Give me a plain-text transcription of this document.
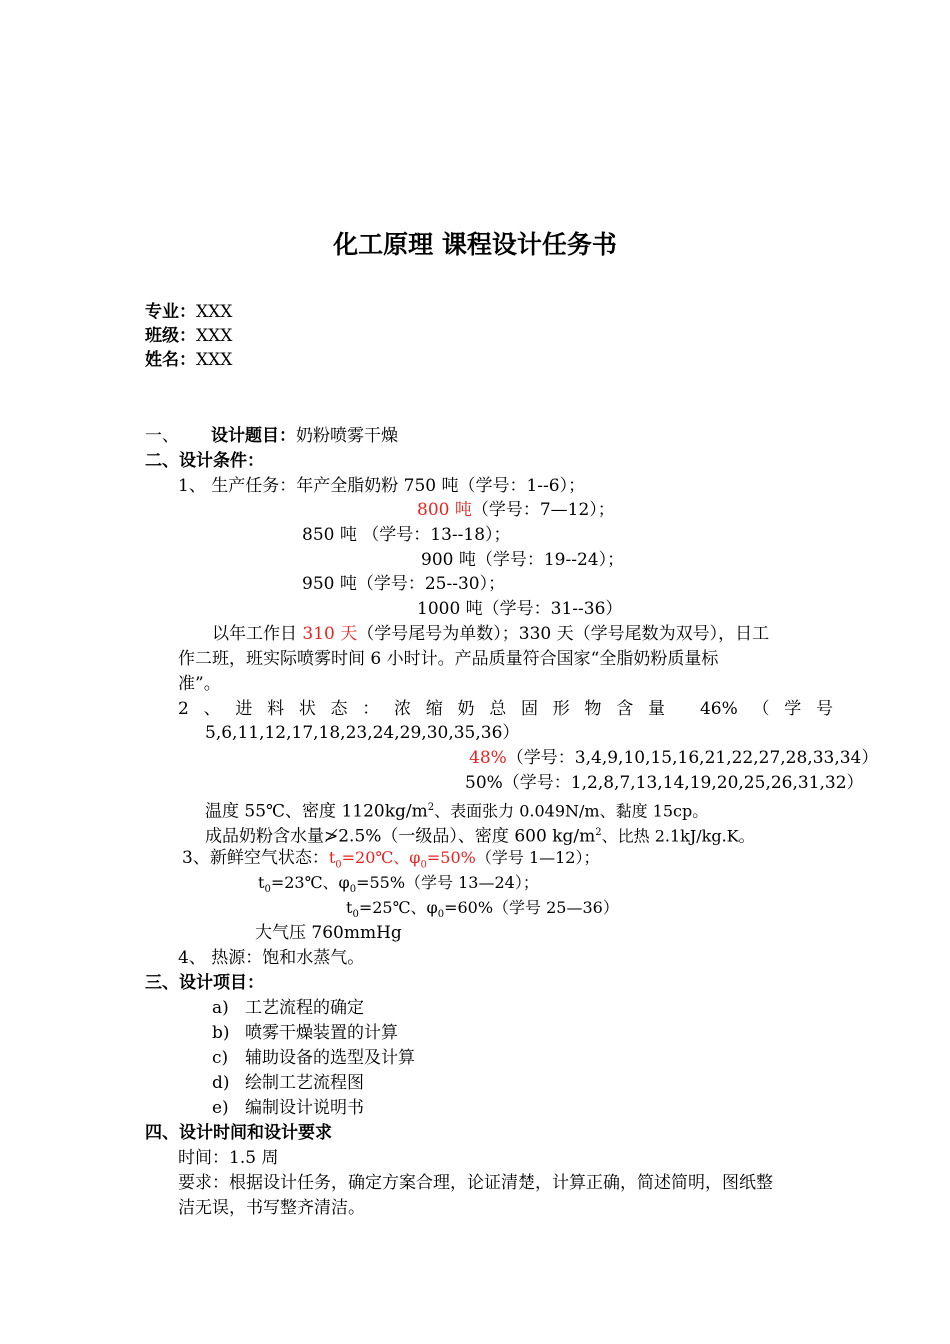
化工原理 课程设计任务书
专业：XXX
班级：XXX
姓名：XXX
一、 设计题目：奶粉喷雾干燥
二、设计条件：
1、 生产任务：年产全脂奶粉 750 吨（学号：1--6）；
800 吨（学号：7—12）；
850 吨 （学号：13--18）；
900 吨（学号：19--24）；
950 吨（学号：25--30）；
1000 吨（学号：31--36）
以年工作日 310 天（学号尾号为单数）；330 天（学号尾数为双号），日工
作二班，班实际喷雾时间 6 小时计。产品质量符合国家“全脂奶粉质量标
准”。
2、进料状态：浓缩奶总固形物含量 46%（学号
5,6,11,12,17,18,23,24,29,30,35,36）
48%（学号：3,4,9,10,15,16,21,22,27,28,33,34）
50%（学号：1,2,8,7,13,14,19,20,25,26,31,32）
温度 55℃、密度 $1120kg/m^2$、表面张力 0.049N/m、黏度 15cp。
成品奶粉含水量≯2.5%（一级品）、密度 600 $kg/m^2$、比热 2.1kJ/kg.K。
3、新鲜空气状态：$t_0=20℃$、$\varphi_0=50\%$（学号 1—12）；
$t_0=23℃$、$\varphi_0=55\%$（学号 13—24）；
$t_0=25℃$、$\varphi_0=60\%$（学号 25—36）
大气压 760mmHg
4、 热源：饱和水蒸气。
三、设计项目：
a) 工艺流程的确定
b) 喷雾干燥装置的计算
c) 辅助设备的选型及计算
d) 绘制工艺流程图
e) 编制设计说明书
四、设计时间和设计要求
时间：1.5 周
要求：根据设计任务，确定方案合理，论证清楚，计算正确，简述简明，图纸整
洁无误，书写整齐清洁。
